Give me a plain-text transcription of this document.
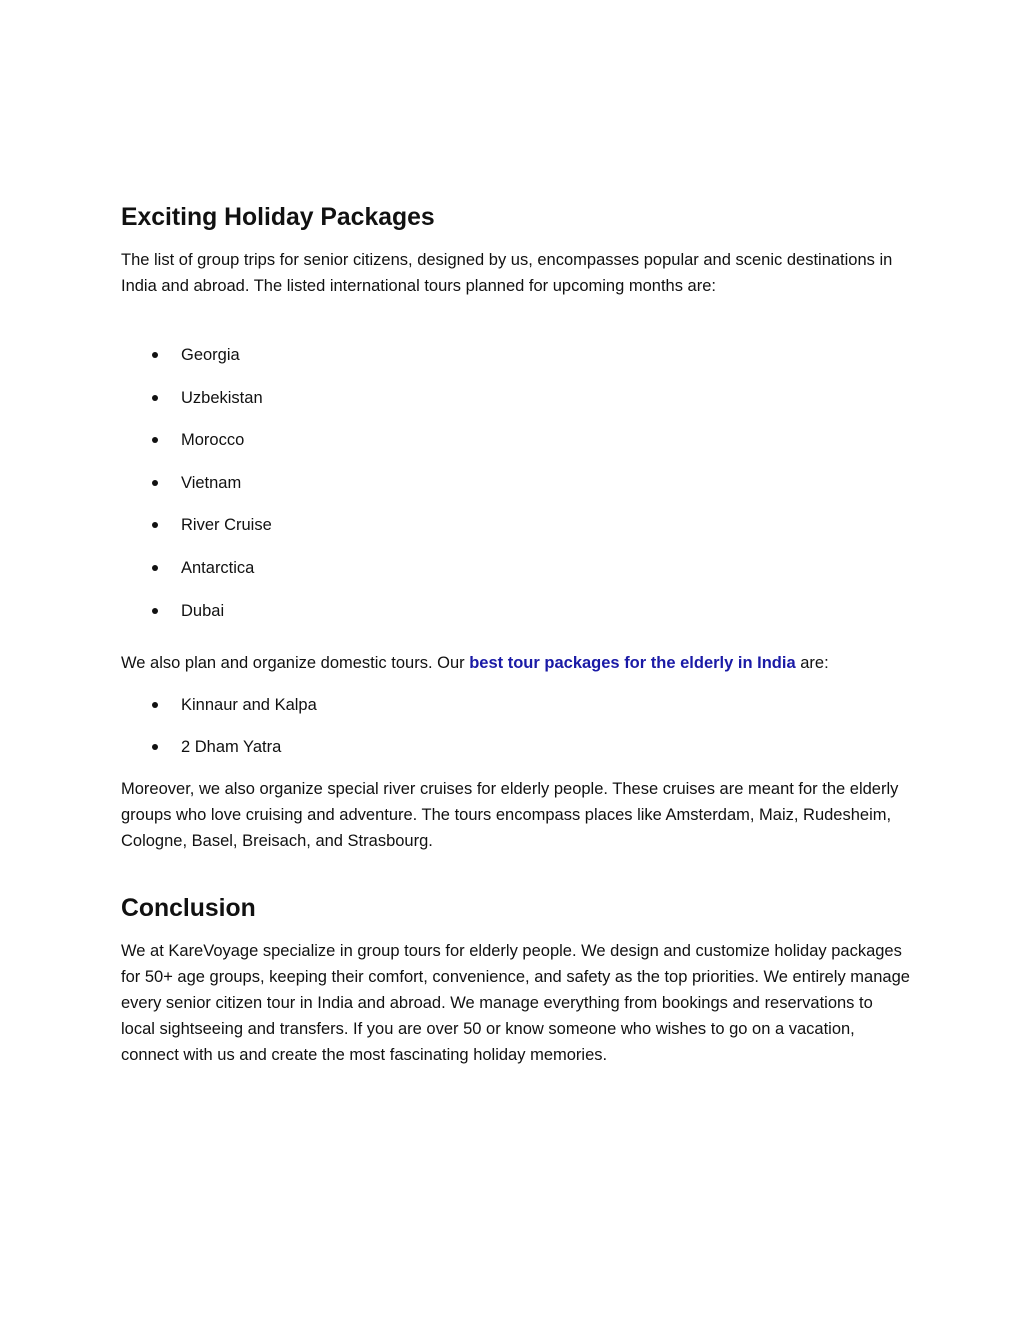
Exciting Holiday Packages

The list of group trips for senior citizens, designed by us, encompasses popular and scenic destinations in India and abroad. The listed international tours planned for upcoming months are:

Georgia
Uzbekistan
Morocco
Vietnam
River Cruise
Antarctica
Dubai

We also plan and organize domestic tours. Our best tour packages for the elderly in India are:

Kinnaur and Kalpa
2 Dham Yatra

Moreover, we also organize special river cruises for elderly people. These cruises are meant for the elderly groups who love cruising and adventure. The tours encompass places like Amsterdam, Maiz, Rudesheim, Cologne, Basel, Breisach, and Strasbourg.

Conclusion

We at KareVoyage specialize in group tours for elderly people. We design and customize holiday packages for 50+ age groups, keeping their comfort, convenience, and safety as the top priorities. We entirely manage every senior citizen tour in India and abroad. We manage everything from bookings and reservations to local sightseeing and transfers. If you are over 50 or know someone who wishes to go on a vacation, connect with us and create the most fascinating holiday memories.
